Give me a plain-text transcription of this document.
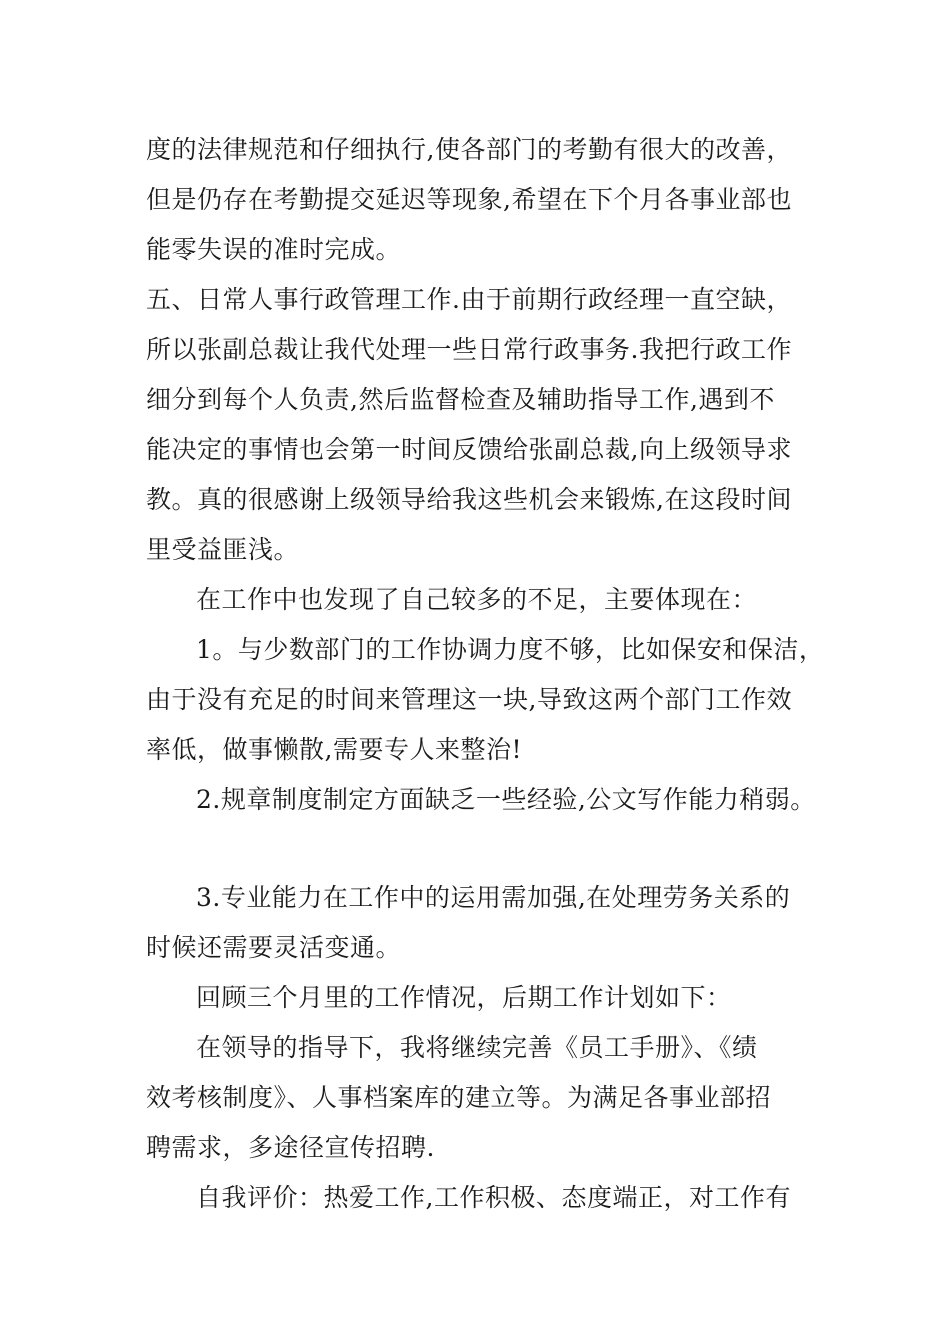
度的法律规范和仔细执行,使各部门的考勤有很大的改善，
但是仍存在考勤提交延迟等现象,希望在下个月各事业部也
能零失误的准时完成。
五、日常人事行政管理工作.由于前期行政经理一直空缺，
所以张副总裁让我代处理一些日常行政事务.我把行政工作
细分到每个人负责,然后监督检查及辅助指导工作,遇到不
能决定的事情也会第一时间反馈给张副总裁,向上级领导求
教。真的很感谢上级领导给我这些机会来锻炼,在这段时间
里受益匪浅。
在工作中也发现了自己较多的不足，主要体现在：
1。与少数部门的工作协调力度不够，比如保安和保洁，
由于没有充足的时间来管理这一块,导致这两个部门工作效
率低，做事懒散,需要专人来整治!
2.规章制度制定方面缺乏一些经验,公文写作能力稍弱。
3.专业能力在工作中的运用需加强,在处理劳务关系的
时候还需要灵活变通。
回顾三个月里的工作情况，后期工作计划如下：
在领导的指导下，我将继续完善《员工手册》、《绩
效考核制度》、人事档案库的建立等。为满足各事业部招
聘需求，多途径宣传招聘.
自我评价：热爱工作,工作积极、态度端正，对工作有
